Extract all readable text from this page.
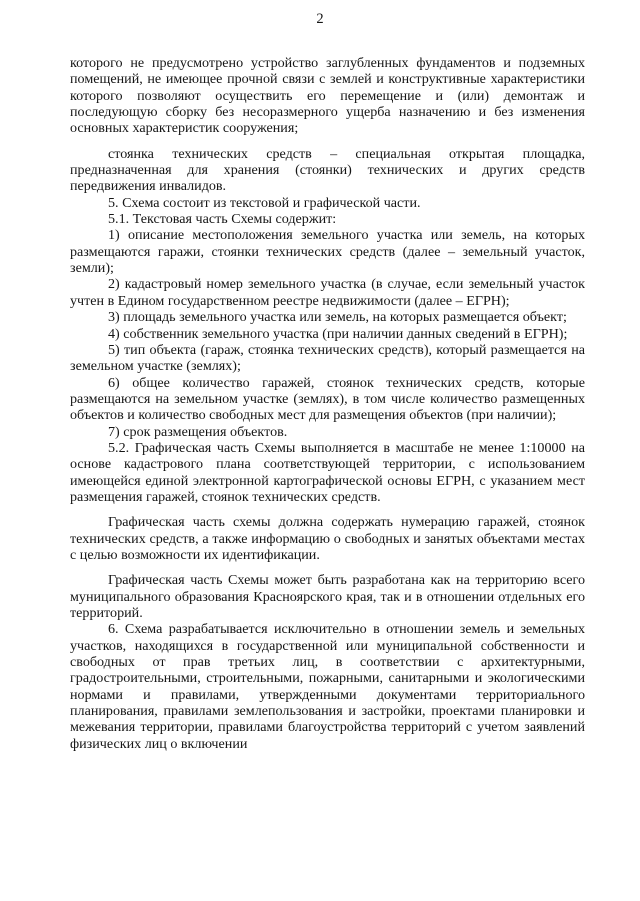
2

которого не предусмотрено устройство заглубленных фундаментов и подземных помещений, не имеющее прочной связи с землей и конструктивные характеристики которого позволяют осуществить его перемещение и (или) демонтаж и последующую сборку без несоразмерного ущерба назначению и без изменения основных характеристик сооружения;

стоянка технических средств – специальная открытая площадка, предназначенная для хранения (стоянки) технических и других средств передвижения инвалидов.

5. Схема состоит из текстовой и графической части.

5.1. Текстовая часть Схемы содержит:

1) описание местоположения земельного участка или земель, на которых размещаются гаражи, стоянки технических средств (далее – земельный участок, земли);

2) кадастровый номер земельного участка (в случае, если земельный участок учтен в Едином государственном реестре недвижимости (далее – ЕГРН);

3) площадь земельного участка или земель, на которых размещается объект;

4) собственник земельного участка (при наличии данных сведений в ЕГРН);

5) тип объекта (гараж, стоянка технических средств), который размещается на земельном участке (землях);

6) общее количество гаражей, стоянок технических средств, которые размещаются на земельном участке (землях), в том числе количество размещенных объектов и количество свободных мест для размещения объектов (при наличии);

7) срок размещения объектов.

5.2. Графическая часть Схемы выполняется в масштабе не менее 1:10000 на основе кадастрового плана соответствующей территории, с использованием имеющейся единой электронной картографической основы ЕГРН, с указанием мест размещения гаражей, стоянок технических средств.

Графическая часть схемы должна содержать нумерацию гаражей, стоянок технических средств, а также информацию о свободных и занятых объектами местах с целью возможности их идентификации.

Графическая часть Схемы может быть разработана как на территорию всего муниципального образования Красноярского края, так и в отношении отдельных его территорий.

6. Схема разрабатывается исключительно в отношении земель и земельных участков, находящихся в государственной или муниципальной собственности и свободных от прав третьих лиц, в соответствии с архитектурными, градостроительными, строительными, пожарными, санитарными и экологическими нормами и правилами, утвержденными документами территориального планирования, правилами землепользования и застройки, проектами планировки и межевания территории, правилами благоустройства территорий с учетом заявлений физических лиц о включении
